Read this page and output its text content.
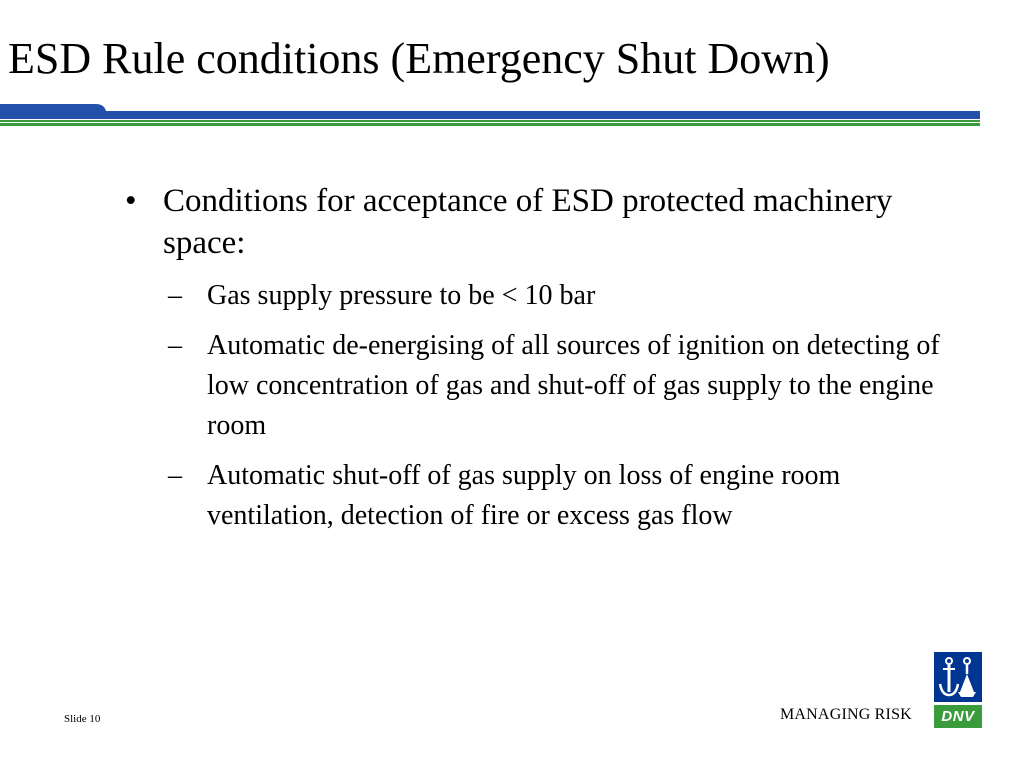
ESD Rule conditions (Emergency Shut Down)
• Conditions for acceptance of ESD protected machinery space:
– Gas supply pressure to be < 10 bar
– Automatic de-energising of all sources of ignition on detecting of low concentration of gas and shut-off of gas supply to the engine room
– Automatic shut-off of gas supply on loss of engine room ventilation, detection of fire or excess gas flow
Slide 10	MANAGING RISK	DNV
